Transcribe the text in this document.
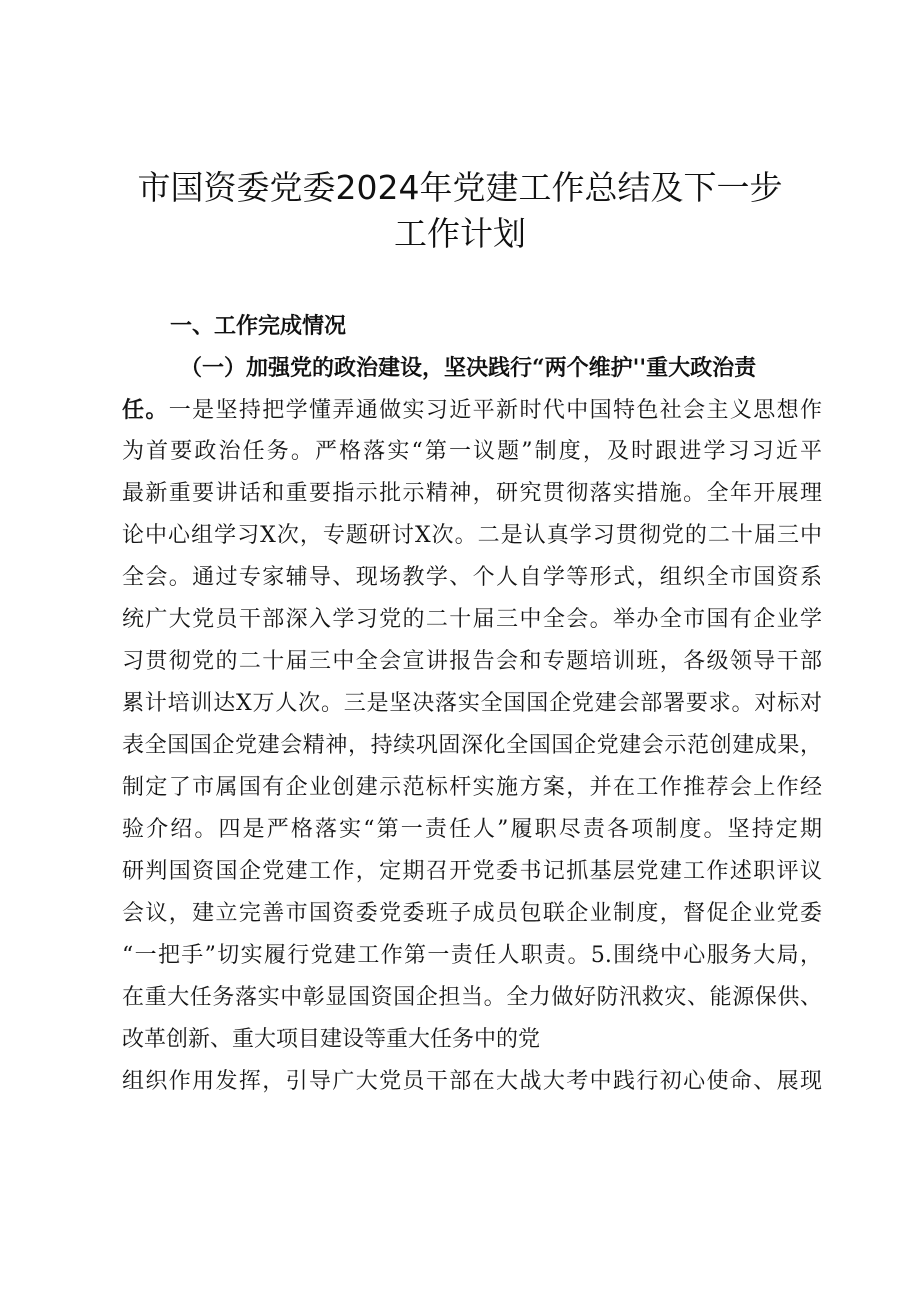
市国资委党委2024年党建工作总结及下一步
工作计划
一、工作完成情况
（一）加强党的政治建设，坚决践行“两个维护''重大政治责
任。一是坚持把学懂弄通做实习近平新时代中国特色社会主义思想作
为首要政治任务。严格落实“第一议题”制度，及时跟进学习习近平
最新重要讲话和重要指示批示精神，研究贯彻落实措施。全年开展理
论中心组学习X次，专题研讨X次。二是认真学习贯彻党的二十届三中
全会。通过专家辅导、现场教学、个人自学等形式，组织全市国资系
统广大党员干部深入学习党的二十届三中全会。举办全市国有企业学
习贯彻党的二十届三中全会宣讲报告会和专题培训班，各级领导干部
累计培训达X万人次。三是坚决落实全国国企党建会部署要求。对标对
表全国国企党建会精神，持续巩固深化全国国企党建会示范创建成果，
制定了市属国有企业创建示范标杆实施方案，并在工作推荐会上作经
验介绍。四是严格落实“第一责任人”履职尽责各项制度。坚持定期
研判国资国企党建工作，定期召开党委书记抓基层党建工作述职评议
会议，建立完善市国资委党委班子成员包联企业制度，督促企业党委
“一把手”切实履行党建工作第一责任人职责。5.围绕中心服务大局，
在重大任务落实中彰显国资国企担当。全力做好防汛救灾、能源保供、
改革创新、重大项目建设等重大任务中的党
组织作用发挥，引导广大党员干部在大战大考中践行初心使命、展现
